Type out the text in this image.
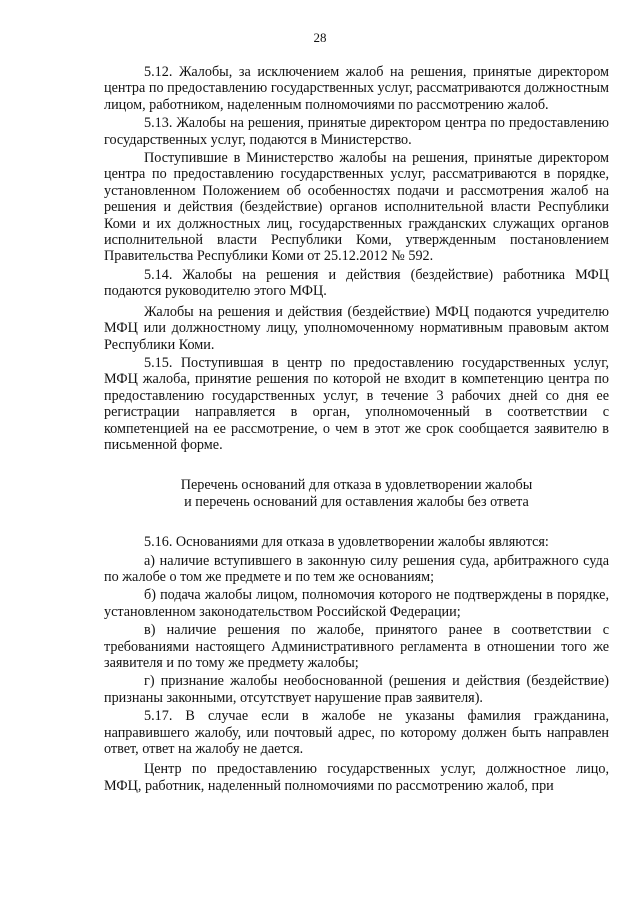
28

5.12. Жалобы, за исключением жалоб на решения, принятые директором центра по предоставлению государственных услуг, рассматриваются должностным лицом, работником, наделенным полномочиями по рассмотрению жалоб.

5.13. Жалобы на решения, принятые директором центра по предоставлению государственных услуг, подаются в Министерство.

Поступившие в Министерство жалобы на решения, принятые директором центра по предоставлению государственных услуг, рассматриваются в порядке, установленном Положением об особенностях подачи и рассмотрения жалоб на решения и действия (бездействие) органов исполнительной власти Республики Коми и их должностных лиц, государственных гражданских служащих органов исполнительной власти Республики Коми, утвержденным постановлением Правительства Республики Коми от 25.12.2012 № 592.

5.14. Жалобы на решения и действия (бездействие) работника МФЦ подаются руководителю этого МФЦ.

Жалобы на решения и действия (бездействие) МФЦ подаются учредителю МФЦ или должностному лицу, уполномоченному нормативным правовым актом Республики Коми.

5.15. Поступившая в центр по предоставлению государственных услуг, МФЦ жалоба, принятие решения по которой не входит в компетенцию центра по предоставлению государственных услуг, в течение 3 рабочих дней со дня ее регистрации направляется в орган, уполномоченный в соответствии с компетенцией на ее рассмотрение, о чем в этот же срок сообщается заявителю в письменной форме.

Перечень оснований для отказа в удовлетворении жалобы
и перечень оснований для оставления жалобы без ответа

5.16. Основаниями для отказа в удовлетворении жалобы являются:

а) наличие вступившего в законную силу решения суда, арбитражного суда по жалобе о том же предмете и по тем же основаниям;

б) подача жалобы лицом, полномочия которого не подтверждены в порядке, установленном законодательством Российской Федерации;

в) наличие решения по жалобе, принятого ранее в соответствии с требованиями настоящего Административного регламента в отношении того же заявителя и по тому же предмету жалобы;

г) признание жалобы необоснованной (решения и действия (бездействие) признаны законными, отсутствует нарушение прав заявителя).

5.17. В случае если в жалобе не указаны фамилия гражданина, направившего жалобу, или почтовый адрес, по которому должен быть направлен ответ, ответ на жалобу не дается.

Центр по предоставлению государственных услуг, должностное лицо, МФЦ, работник, наделенный полномочиями по рассмотрению жалоб, при
